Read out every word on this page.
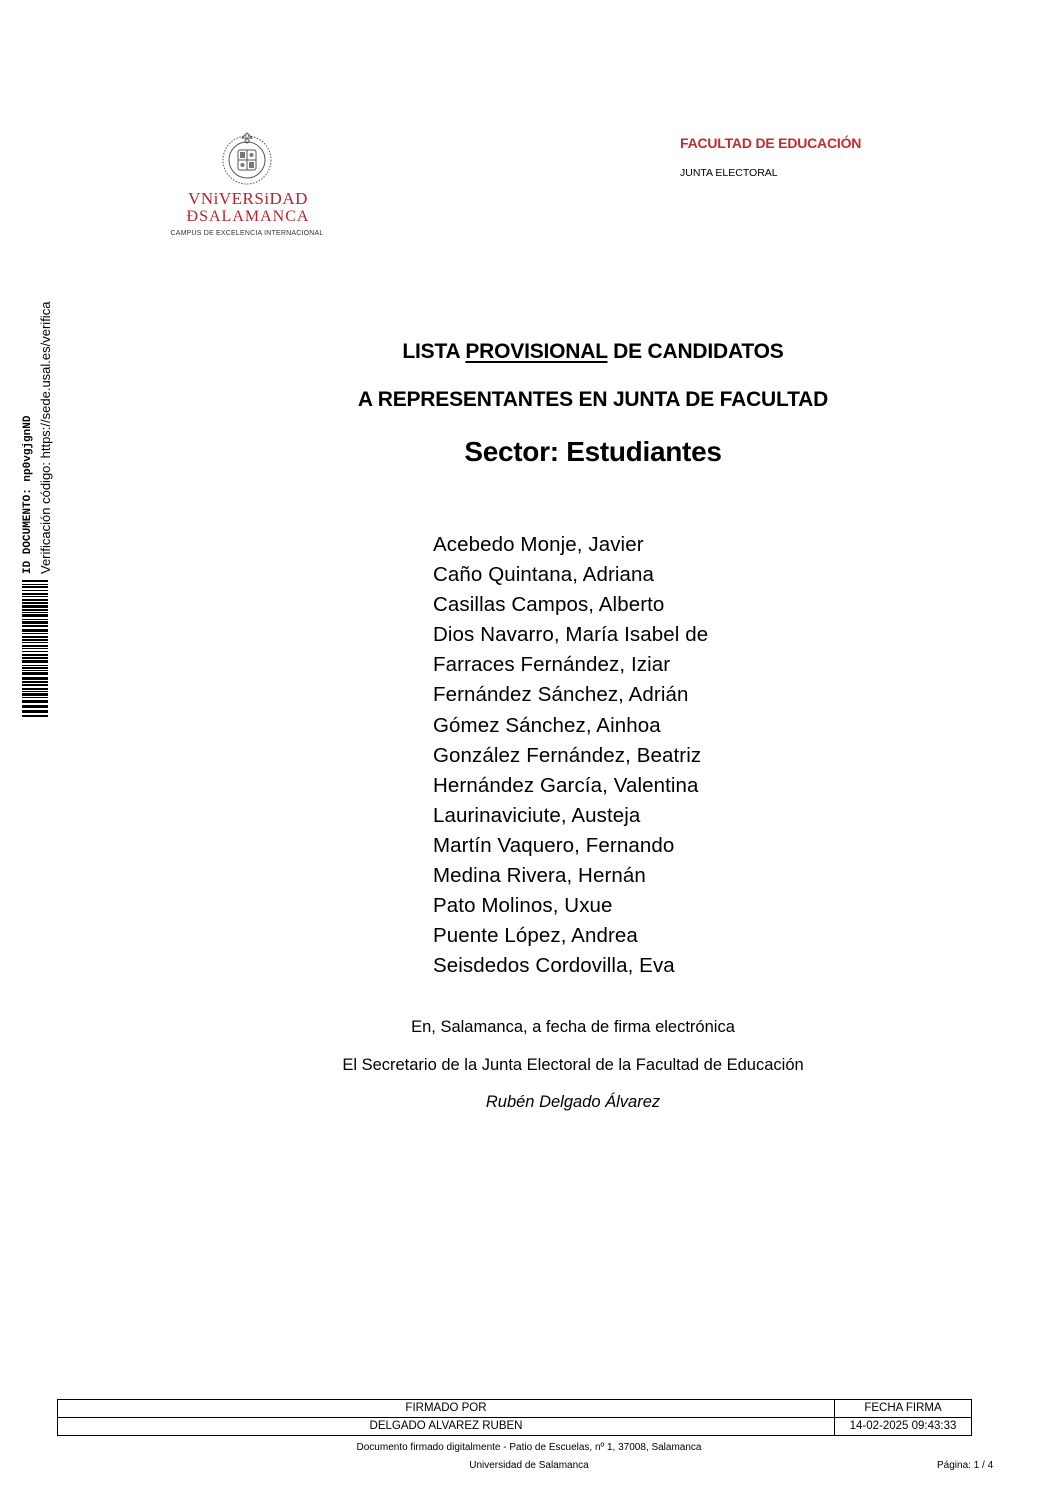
VNiVERSiDAD
ÐSALAMANCA
CAMPUS DE EXCELENCIA INTERNACIONAL
FACULTAD DE EDUCACIÓN
JUNTA ELECTORAL
ID DOCUMENTO: np0vgjgnND Verificación código: https://sede.usal.es/verifica	LISTA PROVISIONAL DE CANDIDATOS
A REPRESENTANTES EN JUNTA DE FACULTAD
Sector: Estudiantes
Acebedo Monje, Javier
Caño Quintana, Adriana
Casillas Campos, Alberto
Dios Navarro, María Isabel de
Farraces Fernández, Iziar
Fernández Sánchez, Adrián
Gómez Sánchez, Ainhoa
González Fernández, Beatriz
Hernández García, Valentina
Laurinaviciute, Austeja
Martín Vaquero, Fernando
Medina Rivera, Hernán
Pato Molinos, Uxue
Puente López, Andrea
Seisdedos Cordovilla, Eva
En, Salamanca, a fecha de firma electrónica
El Secretario de la Junta Electoral de la Facultad de Educación
Rubén Delgado Álvarez
FIRMADO POR	FECHA FIRMA
DELGADO ALVAREZ RUBEN	14-02-2025 09:43:33
Documento firmado digitalmente - Patio de Escuelas, nº 1, 37008, Salamanca
Universidad de Salamanca	Página: 1 / 4
